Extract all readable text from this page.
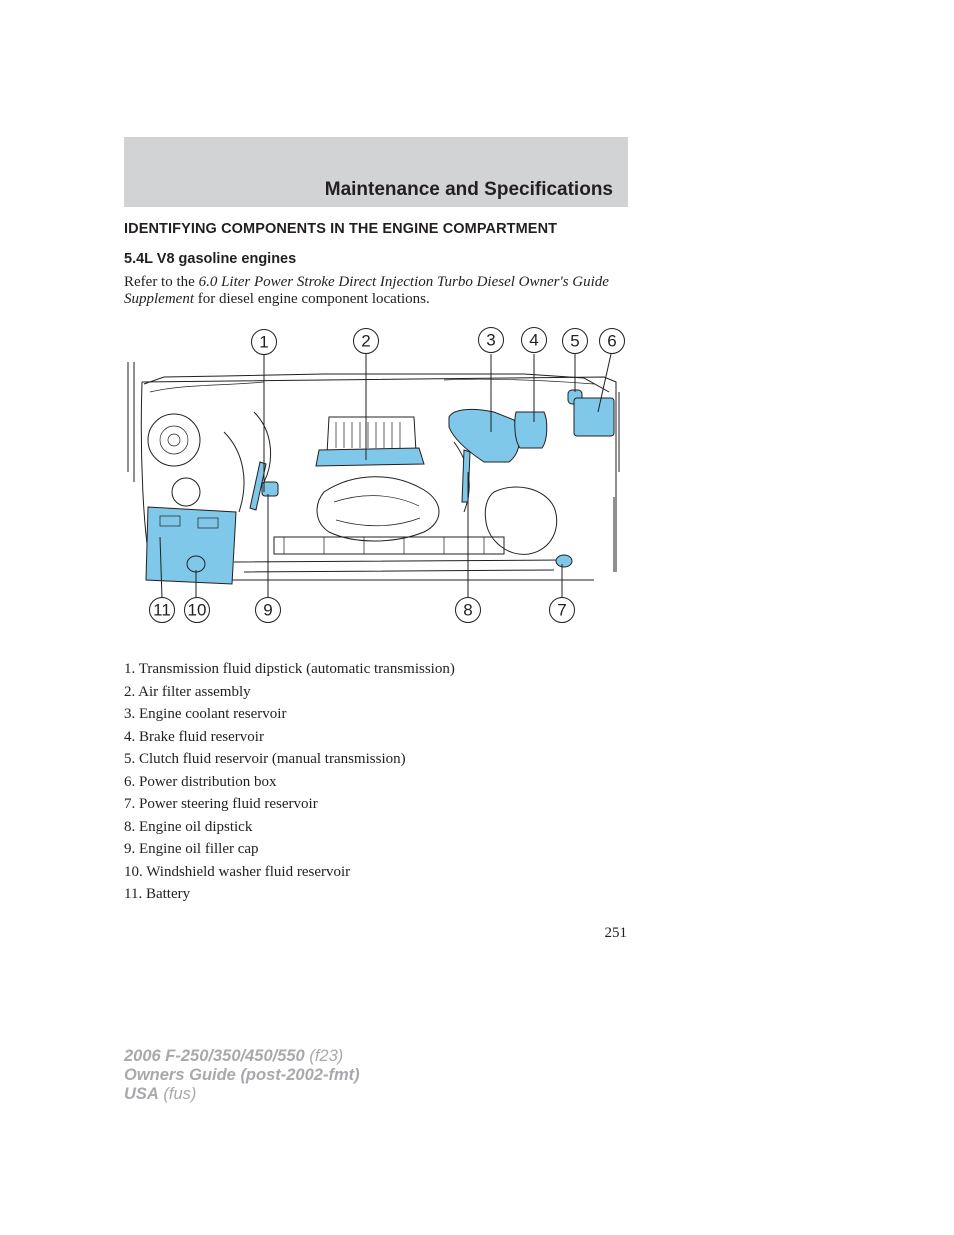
Maintenance and Specifications
IDENTIFYING COMPONENTS IN THE ENGINE COMPARTMENT
5.4L V8 gasoline engines

Refer to the 6.0 Liter Power Stroke Direct Injection Turbo Diesel Owner's Guide Supplement for diesel engine component locations.

1	2	3 4 5 6
7
8
9
10
11
1. Transmission fluid dipstick (automatic transmission)
2. Air filter assembly
3. Engine coolant reservoir
4. Brake fluid reservoir
5. Clutch fluid reservoir (manual transmission)
6. Power distribution box
7. Power steering fluid reservoir
8. Engine oil dipstick
9. Engine oil filler cap
10. Windshield washer fluid reservoir
11. Battery
251
2006 F-250/350/450/550 (f23)
Owners Guide (post-2002-fmt)
USA (fus)
